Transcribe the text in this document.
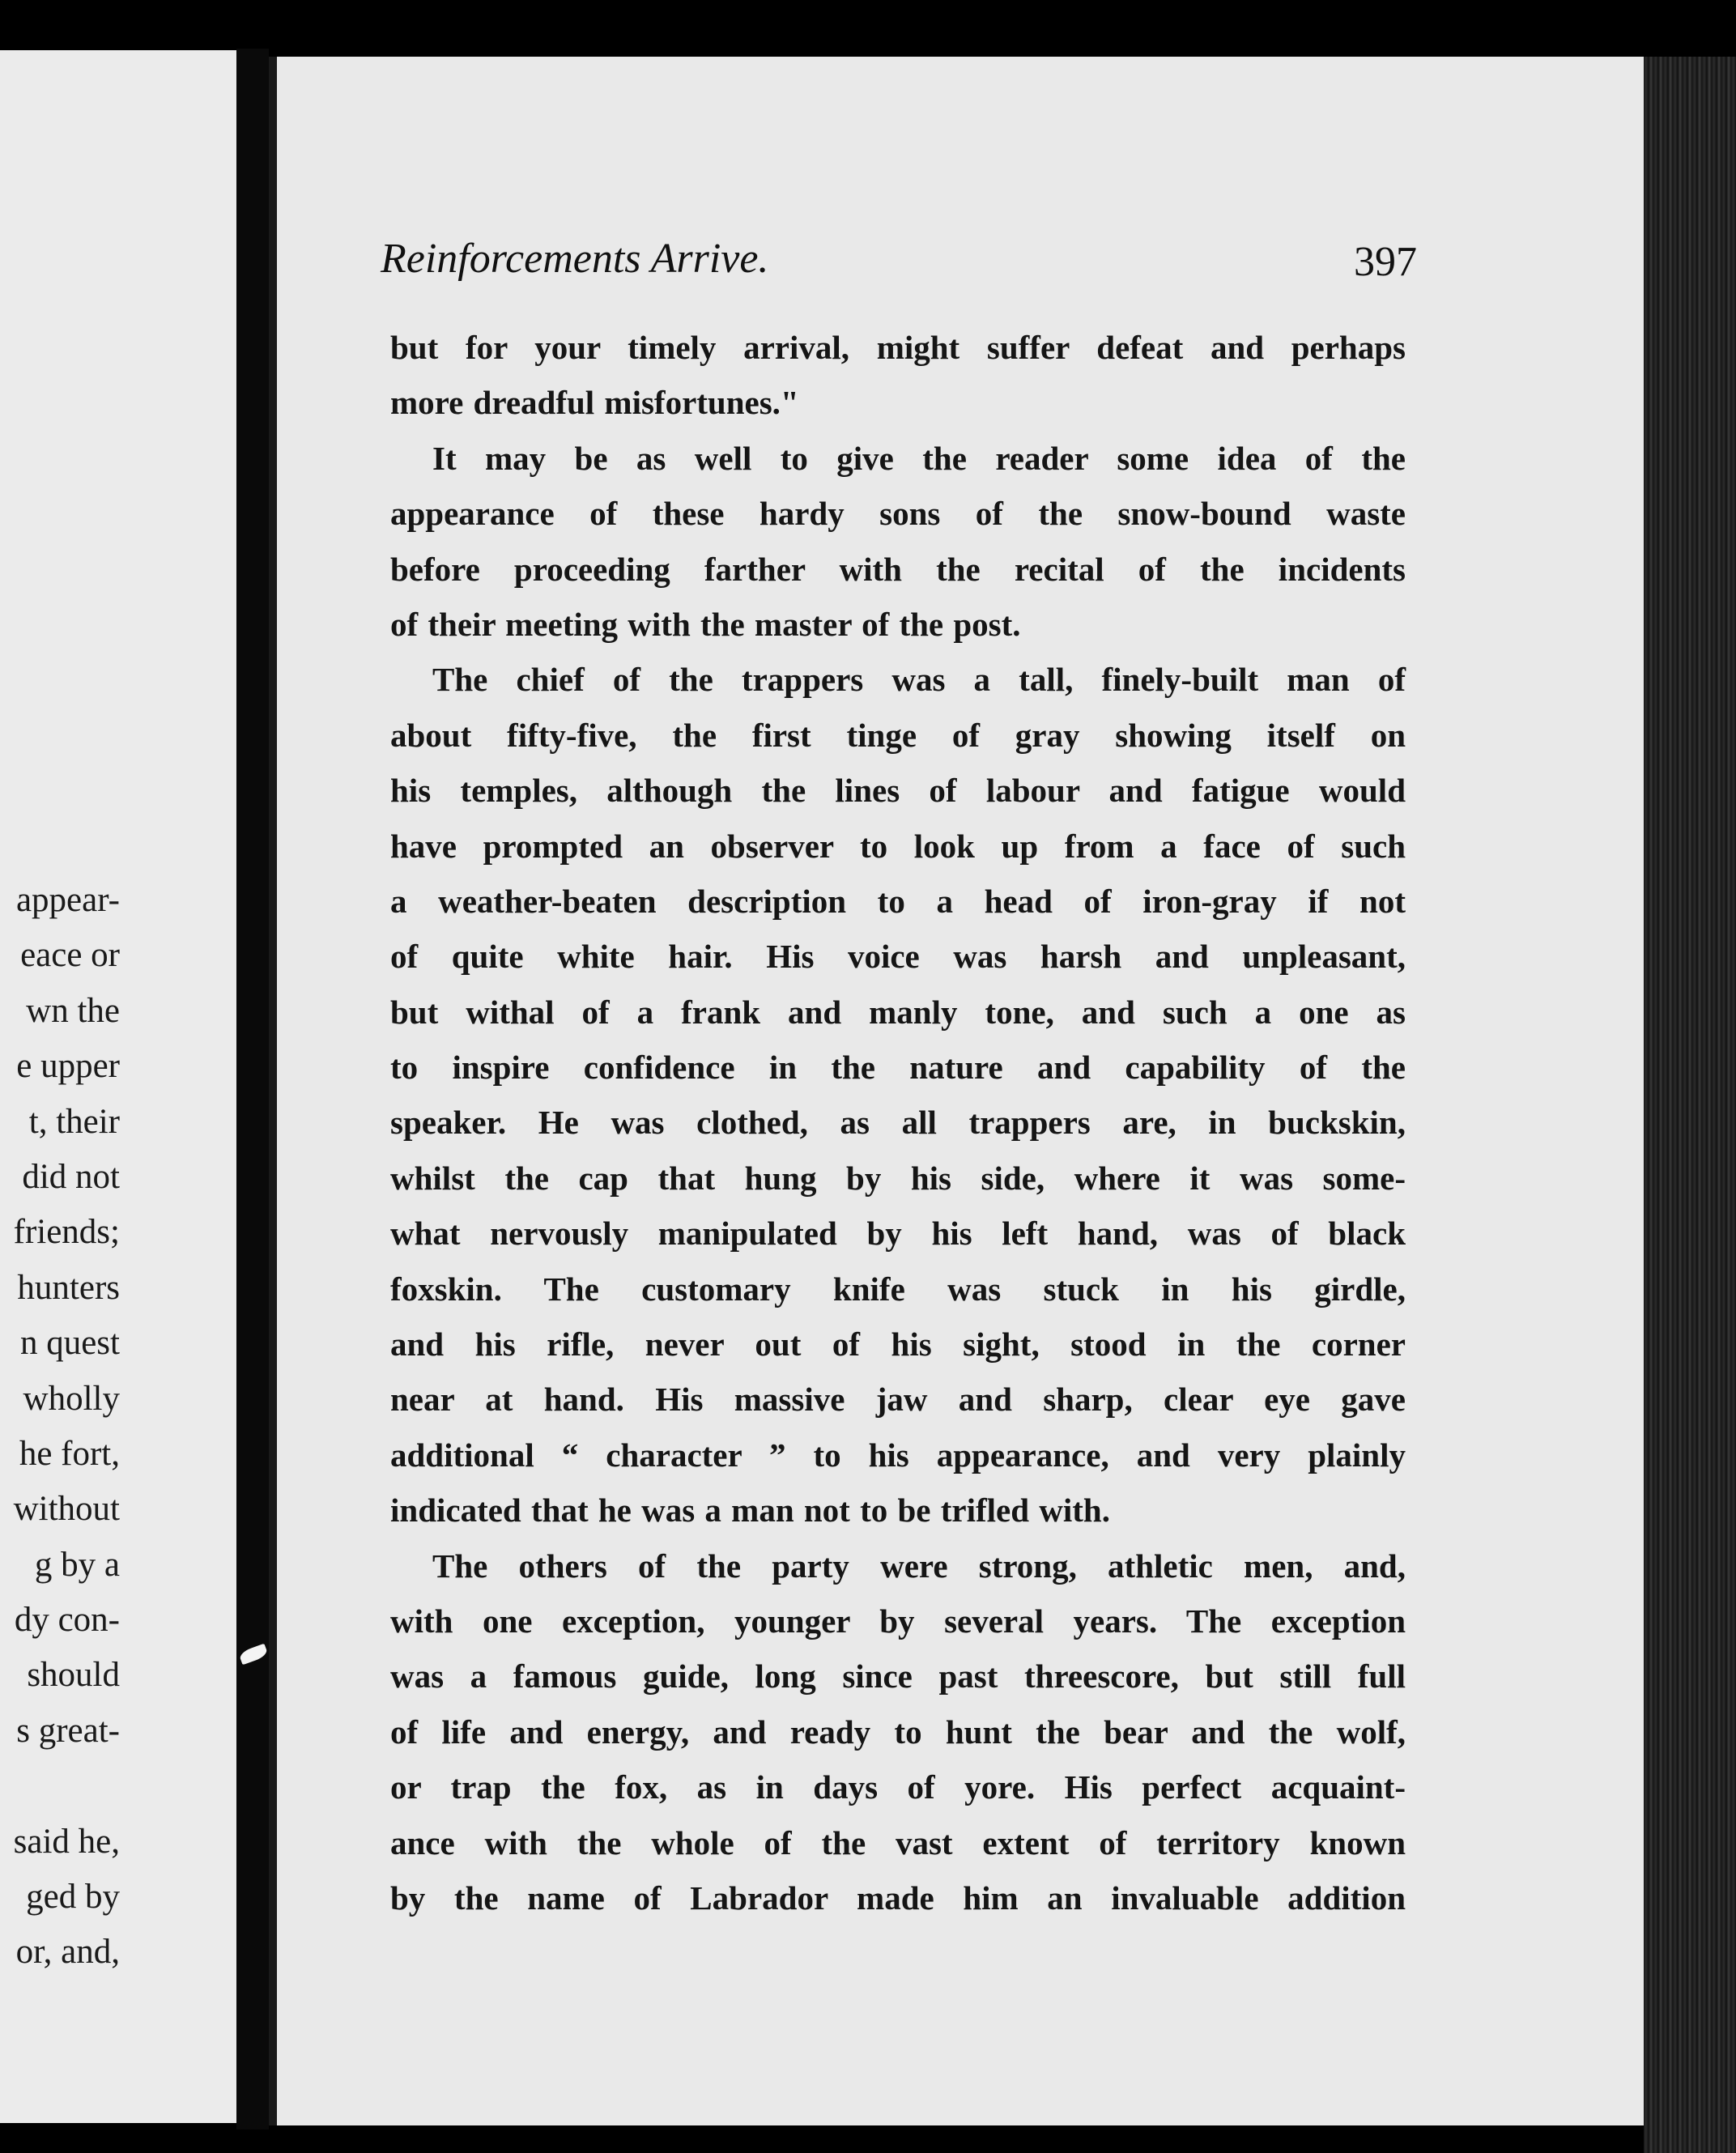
appear-
eace or
wn the
e upper
t, their
did not
friends;
hunters
n quest
wholly
he fort,
without
g by a
dy con-
should
s great-
said he,
ged by
or, and,
Reinforcements Arrive.	397
but for your timely arrival, might suffer defeat and perhaps
more dreadful misfortunes."
It may be as well to give the reader some idea of the
appearance of these hardy sons of the snow-bound waste
before proceeding farther with the recital of the incidents
of their meeting with the master of the post.
The chief of the trappers was a tall, finely-built man of
about fifty-five, the first tinge of gray showing itself on
his temples, although the lines of labour and fatigue would
have prompted an observer to look up from a face of such
a weather-beaten description to a head of iron-gray if not
of quite white hair. His voice was harsh and unpleasant,
but withal of a frank and manly tone, and such a one as
to inspire confidence in the nature and capability of the
speaker. He was clothed, as all trappers are, in buckskin,
whilst the cap that hung by his side, where it was some-
what nervously manipulated by his left hand, was of black
foxskin. The customary knife was stuck in his girdle,
and his rifle, never out of his sight, stood in the corner
near at hand. His massive jaw and sharp, clear eye gave
additional “ character ” to his appearance, and very plainly
indicated that he was a man not to be trifled with.
The others of the party were strong, athletic men, and,
with one exception, younger by several years. The exception
was a famous guide, long since past threescore, but still full
of life and energy, and ready to hunt the bear and the wolf,
or trap the fox, as in days of yore. His perfect acquaint-
ance with the whole of the vast extent of territory known
by the name of Labrador made him an invaluable addition
